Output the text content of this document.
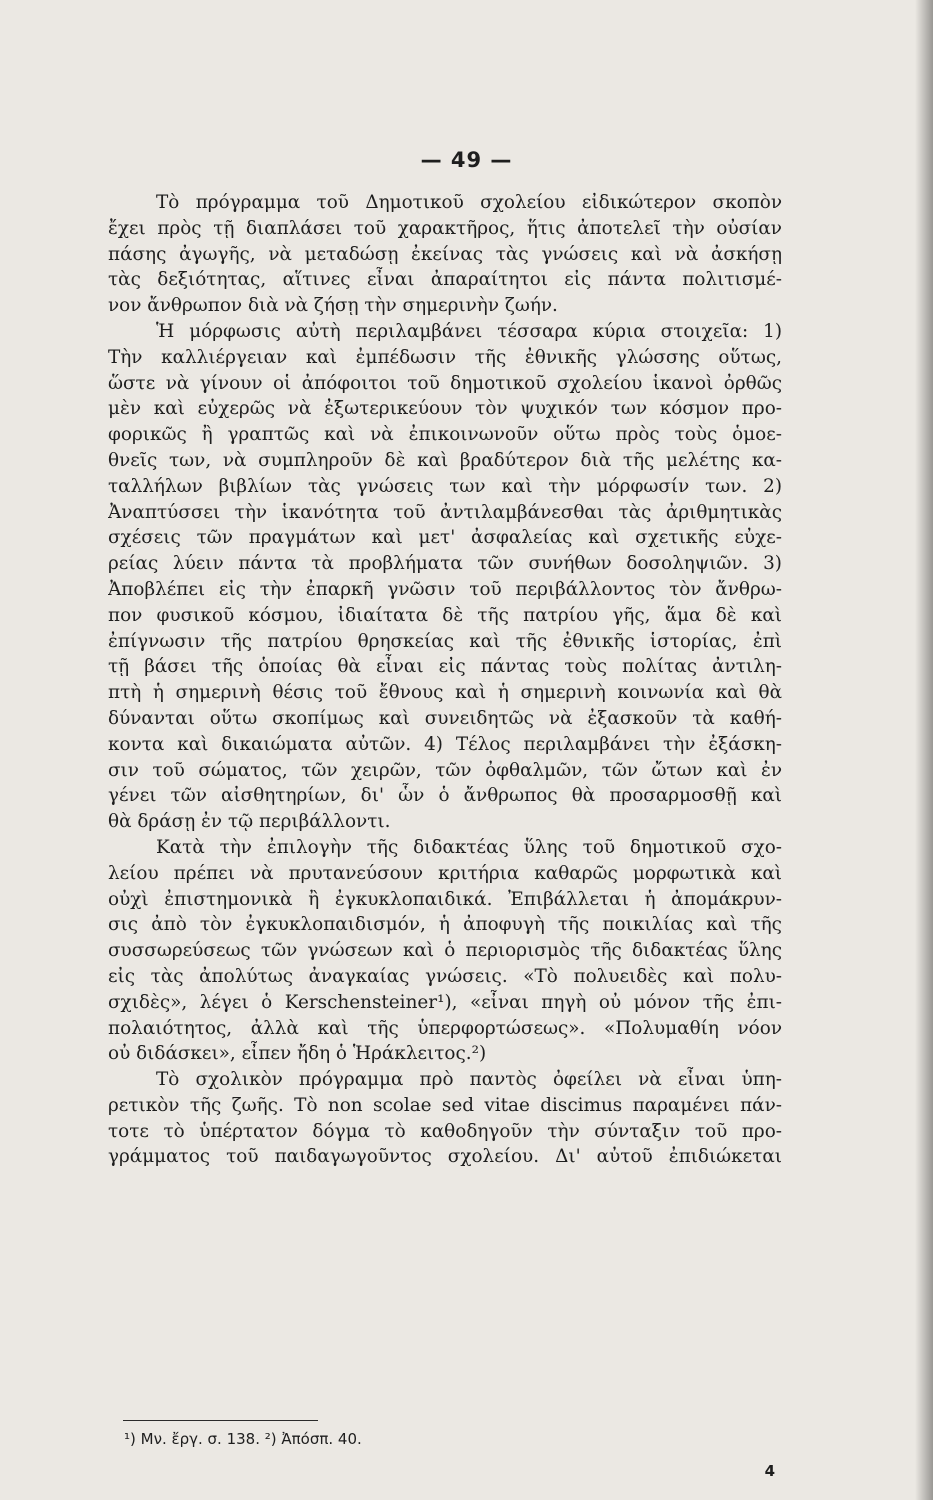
— 49 —
Τὸ πρόγραμμα τοῦ Δημοτικοῦ σχολείου εἰδικώτερον σκοπὸν
ἔχει πρὸς τῇ διαπλάσει τοῦ χαρακτῆρος, ἥτις ἀποτελεῖ τὴν οὐσίαν
πάσης ἀγωγῆς, νὰ μεταδώσῃ ἐκείνας τὰς γνώσεις καὶ νὰ ἀσκήσῃ
τὰς δεξιότητας, αἵτινες εἶναι ἀπαραίτητοι εἰς πάντα πολιτισμέ-
νον ἄνθρωπον διὰ νὰ ζήσῃ τὴν σημερινὴν ζωήν.
Ἡ μόρφωσις αὐτὴ περιλαμβάνει τέσσαρα κύρια στοιχεῖα: 1)
Τὴν καλλιέργειαν καὶ ἐμπέδωσιν τῆς ἐθνικῆς γλώσσης οὕτως,
ὥστε νὰ γίνουν οἱ ἀπόφοιτοι τοῦ δημοτικοῦ σχολείου ἱκανοὶ ὀρθῶς
μὲν καὶ εὐχερῶς νὰ ἐξωτερικεύουν τὸν ψυχικόν των κόσμον προ-
φορικῶς ἢ γραπτῶς καὶ νὰ ἐπικοινωνοῦν οὕτω πρὸς τοὺς ὁμοε-
θνεῖς των, νὰ συμπληροῦν δὲ καὶ βραδύτερον διὰ τῆς μελέτης κα-
ταλλήλων βιβλίων τὰς γνώσεις των καὶ τὴν μόρφωσίν των. 2)
Ἀναπτύσσει τὴν ἱκανότητα τοῦ ἀντιλαμβάνεσθαι τὰς ἀριθμητικὰς
σχέσεις τῶν πραγμάτων καὶ μετ' ἀσφαλείας καὶ σχετικῆς εὐχε-
ρείας λύειν πάντα τὰ προβλήματα τῶν συνήθων δοσοληψιῶν. 3)
Ἀποβλέπει εἰς τὴν ἐπαρκῆ γνῶσιν τοῦ περιβάλλοντος τὸν ἄνθρω-
πον φυσικοῦ κόσμου, ἰδιαίτατα δὲ τῆς πατρίου γῆς, ἅμα δὲ καὶ
ἐπίγνωσιν τῆς πατρίου θρησκείας καὶ τῆς ἐθνικῆς ἱστορίας, ἐπὶ
τῇ βάσει τῆς ὁποίας θὰ εἶναι εἰς πάντας τοὺς πολίτας ἀντιλη-
πτὴ ἡ σημερινὴ θέσις τοῦ ἔθνους καὶ ἡ σημερινὴ κοινωνία καὶ θὰ
δύνανται οὕτω σκοπίμως καὶ συνειδητῶς νὰ ἐξασκοῦν τὰ καθή-
κοντα καὶ δικαιώματα αὐτῶν. 4) Τέλος περιλαμβάνει τὴν ἐξάσκη-
σιν τοῦ σώματος, τῶν χειρῶν, τῶν ὀφθαλμῶν, τῶν ὤτων καὶ ἐν
γένει τῶν αἰσθητηρίων, δι' ὧν ὁ ἄνθρωπος θὰ προσαρμοσθῇ καὶ
θὰ δράσῃ ἐν τῷ περιβάλλοντι.
Κατὰ τὴν ἐπιλογὴν τῆς διδακτέας ὕλης τοῦ δημοτικοῦ σχο-
λείου πρέπει νὰ πρυτανεύσουν κριτήρια καθαρῶς μορφωτικὰ καὶ
οὐχὶ ἐπιστημονικὰ ἢ ἐγκυκλοπαιδικά. Ἐπιβάλλεται ἡ ἀπομάκρυν-
σις ἀπὸ τὸν ἐγκυκλοπαιδισμόν, ἡ ἀποφυγὴ τῆς ποικιλίας καὶ τῆς
συσσωρεύσεως τῶν γνώσεων καὶ ὁ περιορισμὸς τῆς διδακτέας ὕλης
εἰς τὰς ἀπολύτως ἀναγκαίας γνώσεις. «Τὸ πολυειδὲς καὶ πολυ-
σχιδὲς», λέγει ὁ Kerschensteiner¹), «εἶναι πηγὴ οὐ μόνον τῆς ἐπι-
πολαιότητος, ἀλλὰ καὶ τῆς ὑπερφορτώσεως». «Πολυμαθίη νόον
οὐ διδάσκει», εἶπεν ἤδη ὁ Ἡράκλειτος.²)
Τὸ σχολικὸν πρόγραμμα πρὸ παντὸς ὀφείλει νὰ εἶναι ὑπη-
ρετικὸν τῆς ζωῆς. Τὸ non scolae sed vitae discimus παραμένει πάν-
τοτε τὸ ὑπέρτατον δόγμα τὸ καθοδηγοῦν τὴν σύνταξιν τοῦ προ-
γράμματος τοῦ παιδαγωγοῦντος σχολείου. Δι' αὐτοῦ ἐπιδιώκεται
¹) Μν. ἔργ. σ. 138. ²) Ἀπόσπ. 40.
4
